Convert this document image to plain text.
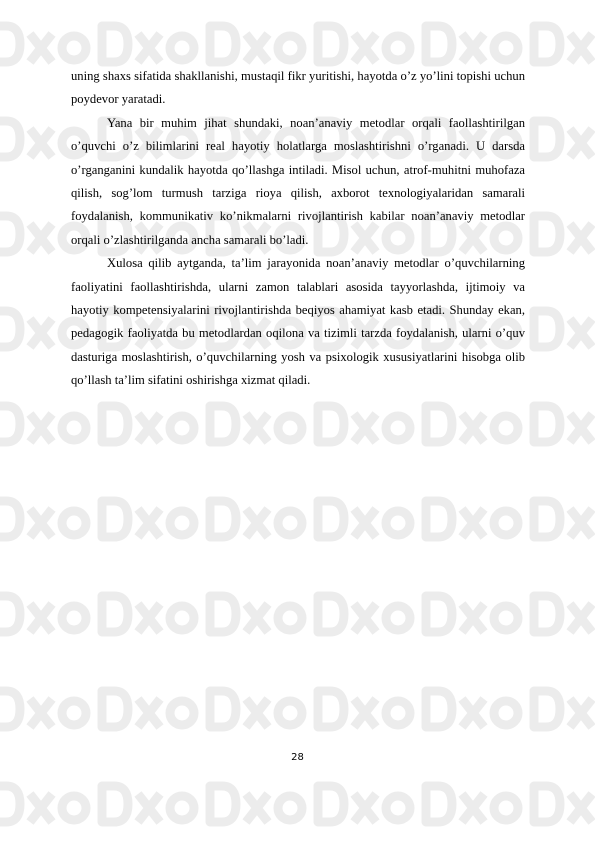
uning shaxs sifatida shakllanishi, mustaqil fikr yuritishi, hayotda o’z yo’lini topishi uchun poydevor yaratadi.

Yana bir muhim jihat shundaki, noan’anaviy metodlar orqali faollashtirilgan o’quvchi o’z bilimlarini real hayotiy holatlarga moslashtirishni o’rganadi. U darsda o’rganganini kundalik hayotda qo’llashga intiladi. Misol uchun, atrof-muhitni muhofaza qilish, sog’lom turmush tarziga rioya qilish, axborot texnologiyalaridan samarali foydalanish, kommunikativ ko’nikmalarni rivojlantirish kabilar noan’anaviy metodlar orqali o’zlashtirilganda ancha samarali bo’ladi.

Xulosa qilib aytganda, ta’lim jarayonida noan’anaviy metodlar o’quvchilarning faoliyatini faollashtirishda, ularni zamon talablari asosida tayyorlashda, ijtimoiy va hayotiy kompetensiyalarini rivojlantirishda beqiyos ahamiyat kasb etadi. Shunday ekan, pedagogik faoliyatda bu metodlardan oqilona va tizimli tarzda foydalanish, ularni o’quv dasturiga moslashtirish, o’quvchilarning yosh va psixologik xususiyatlarini hisobga olib qo’llash ta’lim sifatini oshirishga xizmat qiladi.

28
